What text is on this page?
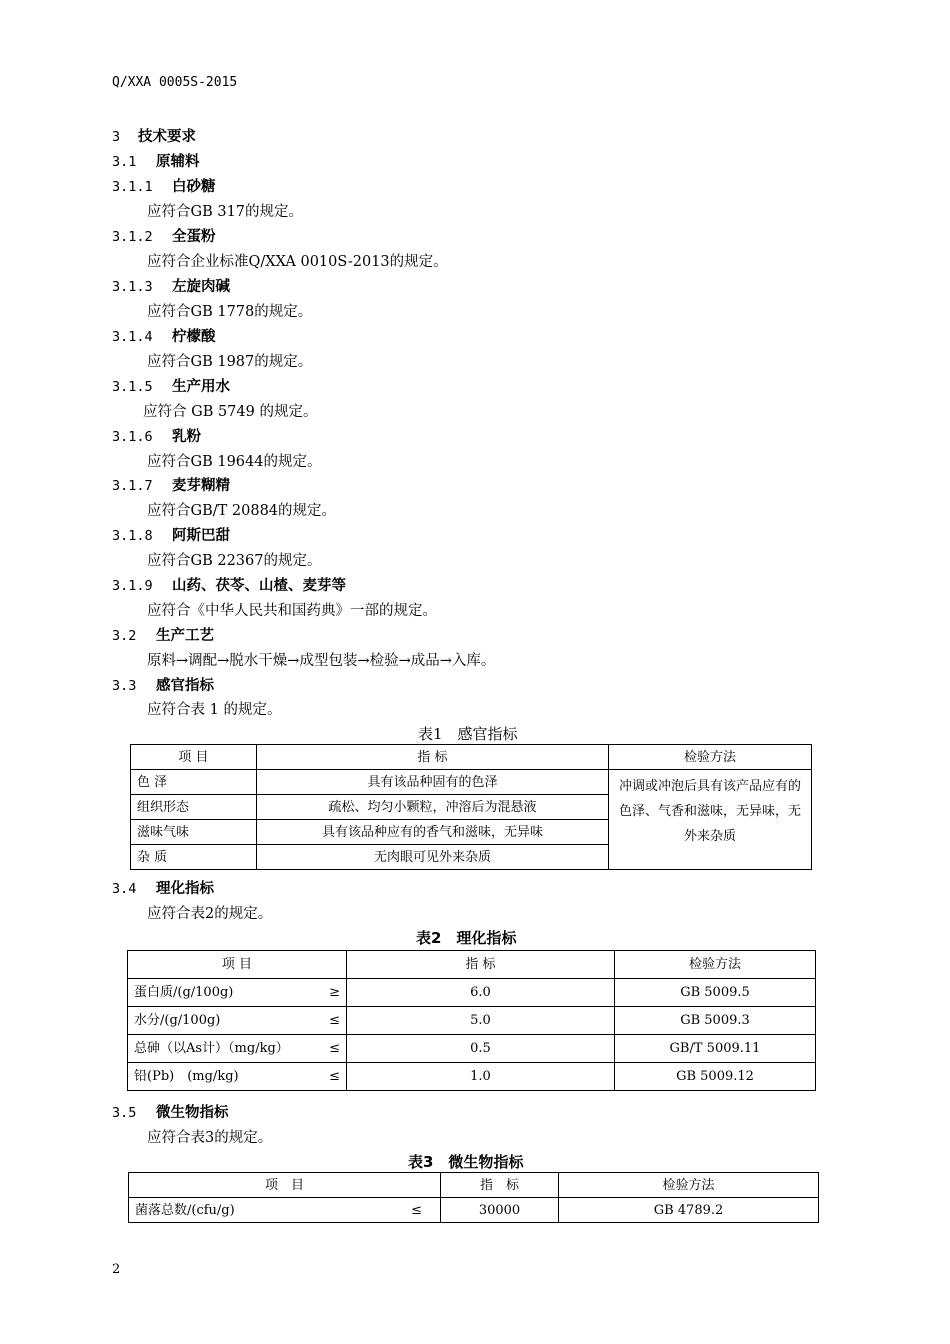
Q/XXA 0005S-2015
3 技术要求
3.1 原辅料
3.1.1 白砂糖
应符合GB 317的规定。
3.1.2 全蛋粉
应符合企业标准Q/XXA 0010S-2013的规定。
3.1.3 左旋肉碱
应符合GB 1778的规定。
3.1.4 柠檬酸
应符合GB 1987的规定。
3.1.5 生产用水
应符合 GB 5749 的规定。
3.1.6 乳粉
应符合GB 19644的规定。
3.1.7 麦芽糊精
应符合GB/T 20884的规定。
3.1.8 阿斯巴甜
应符合GB 22367的规定。
3.1.9 山药、茯苓、山楂、麦芽等
应符合《中华人民共和国药典》一部的规定。
3.2 生产工艺
原料→调配→脱水干燥→成型包装→检验→成品→入库。
3.3 感官指标
应符合表 1 的规定。
表1　感官指标
项 目	指 标	检验方法
色 泽	具有该品种固有的色泽	冲调或冲泡后具有该产品应有的色泽、气香和滋味，无异味，无外来杂质
组织形态	疏松、均匀小颗粒，冲溶后为混悬液	
滋味气味	具有该品种应有的香气和滋味，无异味	
杂 质	无肉眼可见外来杂质	
3.4 理化指标
应符合表2的规定。
表2　理化指标
项 目	指 标	检验方法
蛋白质/(g/100g) ≥	6.0	GB 5009.5
水分/(g/100g) ≤	5.0	GB 5009.3
总砷（以As计）（mg/kg） ≤	0.5	GB/T 5009.11
铅(Pb)　(mg/kg) ≤	1.0	GB 5009.12
3.5 微生物指标
应符合表3的规定。
表3　微生物指标
项　目	指　标	检验方法
菌落总数/(cfu/g) ≤	30000	GB 4789.2
2
